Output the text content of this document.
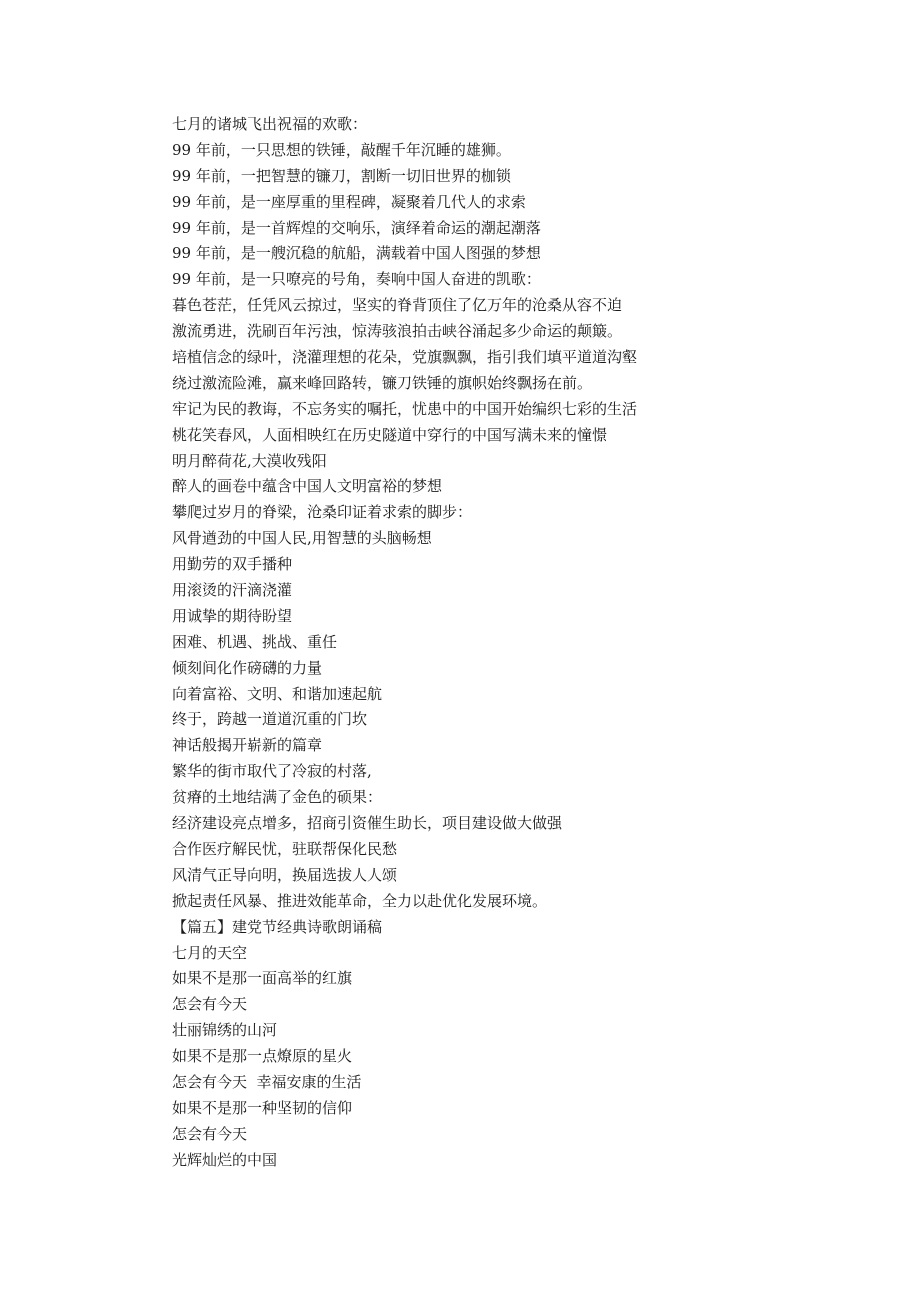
七月的诸城飞出祝福的欢歌：

99 年前，一只思想的铁锤，敲醒千年沉睡的雄狮。

99 年前，一把智慧的镰刀，割断一切旧世界的枷锁

99 年前，是一座厚重的里程碑，凝聚着几代人的求索

99 年前，是一首辉煌的交响乐，演绎着命运的潮起潮落

99 年前，是一艘沉稳的航船，满载着中国人图强的梦想

99 年前，是一只嘹亮的号角，奏响中国人奋进的凯歌：

暮色苍茫，任凭风云掠过，坚实的脊背顶住了亿万年的沧桑从容不迫

激流勇进，洗刷百年污浊，惊涛骇浪拍击峡谷涌起多少命运的颠簸。

培植信念的绿叶，浇灌理想的花朵，党旗飘飘，指引我们填平道道沟壑

绕过激流险滩，赢来峰回路转，镰刀铁锤的旗帜始终飘扬在前。

牢记为民的教诲，不忘务实的嘱托，忧患中的中国开始编织七彩的生活

桃花笑春风，人面相映红在历史隧道中穿行的中国写满未来的憧憬

明月醉荷花,大漠收残阳

醉人的画卷中蕴含中国人文明富裕的梦想

攀爬过岁月的脊梁，沧桑印证着求索的脚步：

风骨遒劲的中国人民,用智慧的头脑畅想

用勤劳的双手播种

用滚烫的汗滴浇灌

用诚挚的期待盼望

困难、机遇、挑战、重任

倾刻间化作磅礴的力量

向着富裕、文明、和谐加速起航

终于，跨越一道道沉重的门坎

神话般揭开崭新的篇章

繁华的街市取代了冷寂的村落,

贫瘠的土地结满了金色的硕果：

经济建设亮点增多，招商引资催生助长，项目建设做大做强

合作医疗解民忧，驻联帮保化民愁

风清气正导向明，换届选拔人人颂

掀起责任风暴、推进效能革命，全力以赴优化发展环境。

【篇五】建党节经典诗歌朗诵稿

七月的天空

如果不是那一面高举的红旗

怎会有今天

壮丽锦绣的山河

如果不是那一点燎原的星火

怎会有今天  幸福安康的生活

如果不是那一种坚韧的信仰

怎会有今天

光辉灿烂的中国
